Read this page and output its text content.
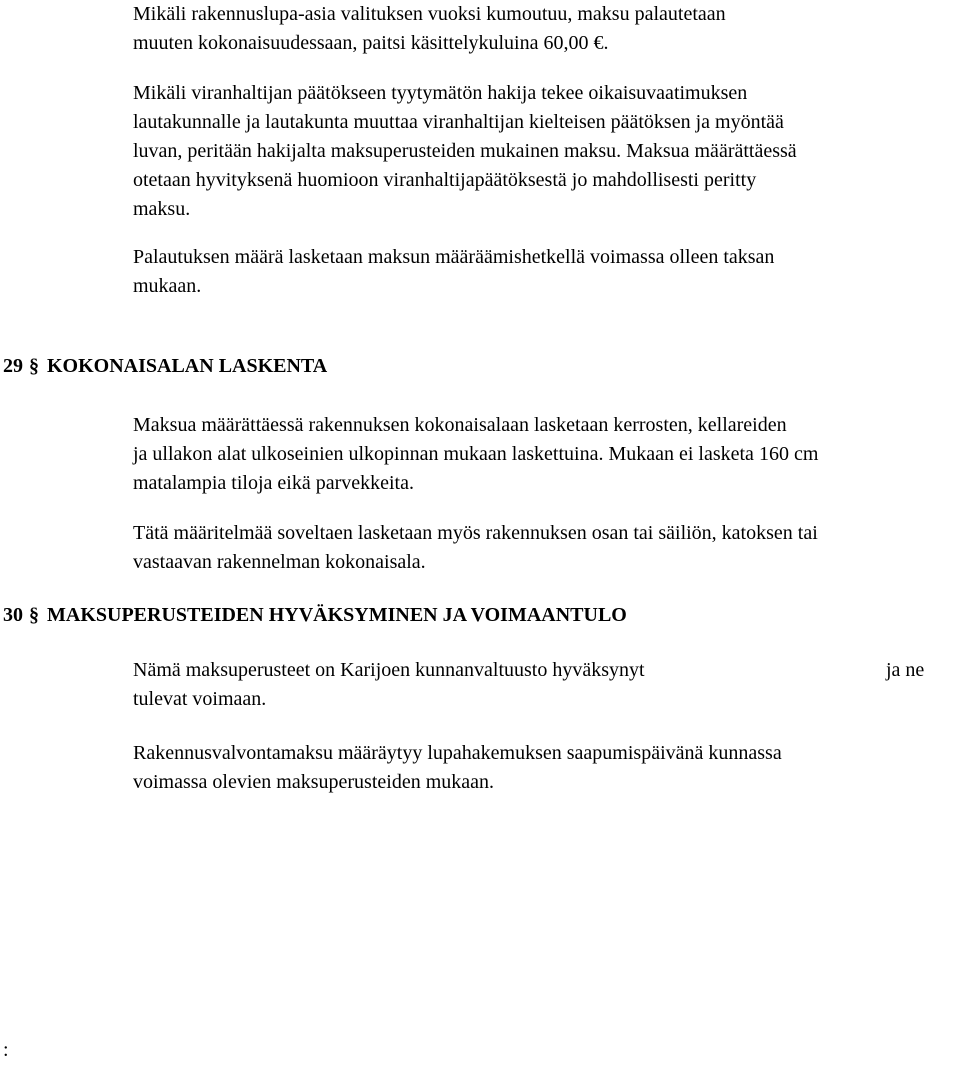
Mikäli rakennuslupa-asia valituksen vuoksi kumoutuu, maksu palautetaan
muuten kokonaisuudessaan, paitsi käsittelykuluina 60,00 €.

Mikäli viranhaltijan päätökseen tyytymätön hakija tekee oikaisuvaatimuksen
lautakunnalle ja lautakunta muuttaa viranhaltijan kielteisen päätöksen ja myöntää
luvan, peritään hakijalta maksuperusteiden mukainen maksu. Maksua määrättäessä
otetaan hyvityksenä huomioon viranhaltijapäätöksestä jo mahdollisesti peritty
maksu.

Palautuksen määrä lasketaan maksun määräämishetkellä voimassa olleen taksan
mukaan.

29 § KOKONAISALAN LASKENTA

Maksua määrättäessä rakennuksen kokonaisalaan lasketaan kerrosten, kellareiden
ja ullakon alat ulkoseinien ulkopinnan mukaan laskettuina. Mukaan ei lasketa 160 cm
matalampia tiloja eikä parvekkeita.

Tätä määritelmää soveltaen lasketaan myös rakennuksen osan tai säiliön, katoksen tai
vastaavan rakennelman kokonaisala.

30 § MAKSUPERUSTEIDEN HYVÄKSYMINEN JA VOIMAANTULO

Nämä maksuperusteet on Karijoen kunnanvaltuusto hyväksynyt	ja ne
tulevat voimaan.

Rakennusvalvontamaksu määräytyy lupahakemuksen saapumispäivänä kunnassa
voimassa olevien maksuperusteiden mukaan.

:
